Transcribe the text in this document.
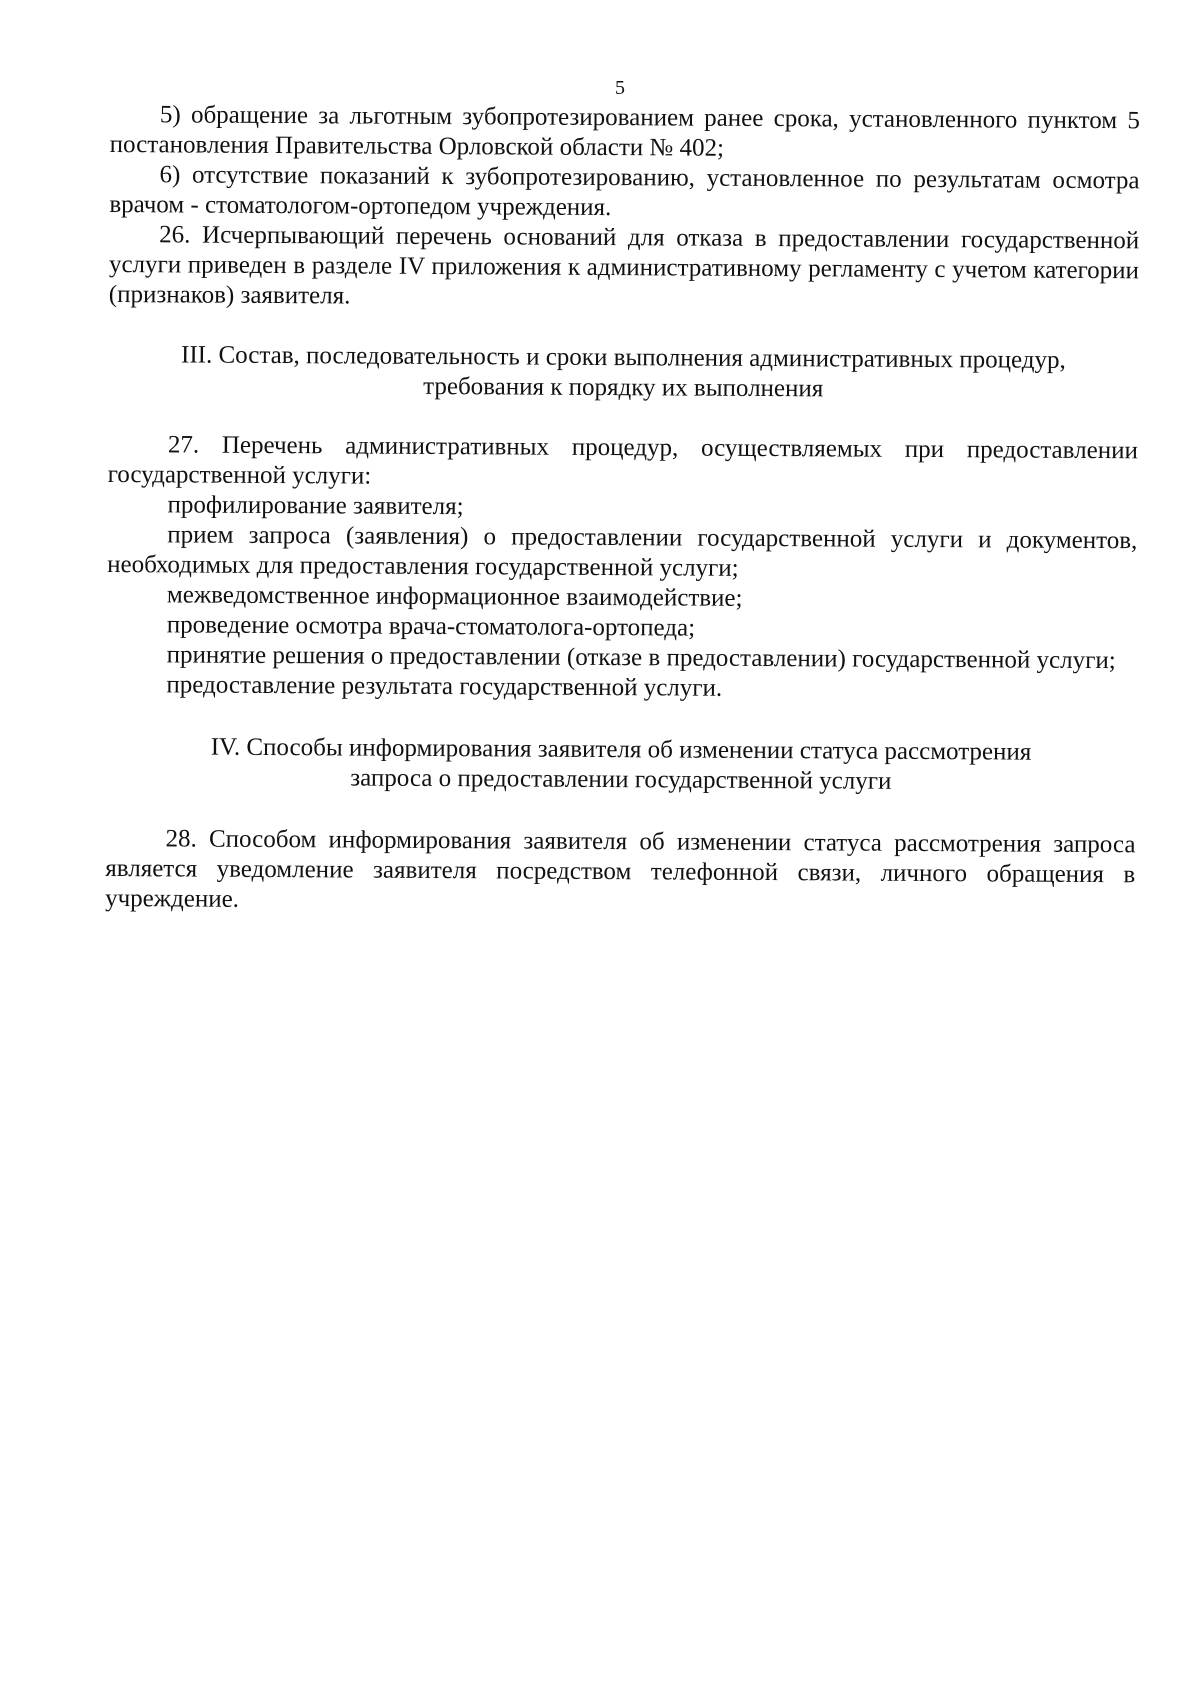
5

5) обращение за льготным зубопротезированием ранее срока, установленного пунктом 5 постановления Правительства Орловской области № 402;

6) отсутствие показаний к зубопротезированию, установленное по результатам осмотра врачом - стоматологом-ортопедом учреждения.

26. Исчерпывающий перечень оснований для отказа в предоставлении государственной услуги приведен в разделе IV приложения к административному регламенту с учетом категории (признаков) заявителя.

III. Состав, последовательность и сроки выполнения административных процедур,

требования к порядку их выполнения

27. Перечень административных процедур, осуществляемых при предоставлении государственной услуги:

профилирование заявителя;

прием запроса (заявления) о предоставлении государственной услуги и документов, необходимых для предоставления государственной услуги;

межведомственное информационное взаимодействие;

проведение осмотра врача-стоматолога-ортопеда;

принятие решения о предоставлении (отказе в предоставлении) государственной услуги;

предоставление результата государственной услуги.

IV. Способы информирования заявителя об изменении статуса рассмотрения

запроса о предоставлении государственной услуги

28. Способом информирования заявителя об изменении статуса рассмотрения запроса является уведомление заявителя посредством телефонной связи, личного обращения в учреждение.
